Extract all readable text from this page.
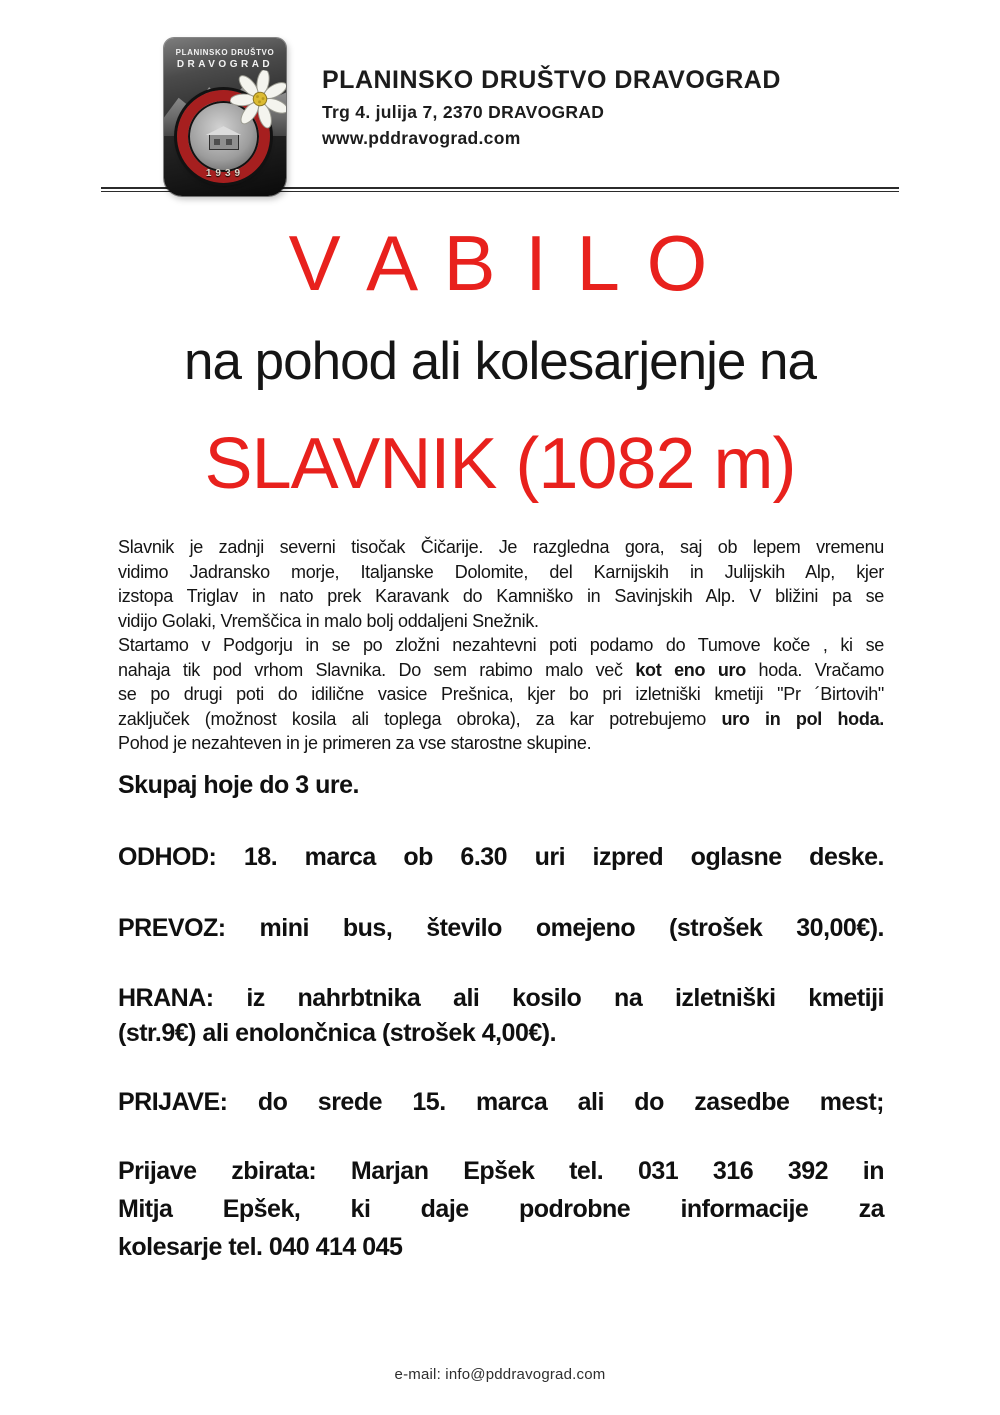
PLANINSKO DRUŠTVO
DRAVOGRAD
1939
PLANINSKO DRUŠTVO DRAVOGRAD
Trg 4. julija 7, 2370 DRAVOGRAD
www.pddravograd.com
V A B I L O
na pohod ali kolesarjenje na
SLAVNIK (1082 m)
Slavnik je zadnji severni tisočak Čičarije. Je razgledna gora, saj ob lepem vremenu
vidimo Jadransko morje, Italjanske Dolomite, del Karnijskih in Julijskih Alp, kjer
izstopa Triglav in nato prek Karavank do Kamniško in Savinjskih Alp. V bližini pa se
vidijo Golaki, Vremščica in malo bolj oddaljeni Snežnik.
Startamo v Podgorju in se po zložni nezahtevni poti podamo do Tumove koče , ki se
nahaja tik pod vrhom Slavnika. Do sem rabimo malo več kot eno uro hoda. Vračamo
se po drugi poti do idilične vasice Prešnica, kjer bo pri izletniški kmetiji "Pr ´Birtovih"
zaključek (možnost kosila ali toplega obroka), za kar potrebujemo uro in pol hoda.
Pohod je nezahteven in je primeren za vse starostne skupine.
Skupaj hoje do 3 ure.
ODHOD: 18. marca ob 6.30 uri izpred oglasne deske.
PREVOZ: mini bus, število omejeno (strošek 30,00€).
HRANA: iz nahrbtnika ali kosilo na izletniški kmetiji
(str.9€) ali enolončnica (strošek 4,00€).
PRIJAVE: do srede 15. marca ali do zasedbe mest;
Prijave zbirata: Marjan Epšek tel. 031 316 392 in
Mitja Epšek, ki daje podrobne informacije za
kolesarje tel. 040 414 045
e-mail: info@pddravograd.com
